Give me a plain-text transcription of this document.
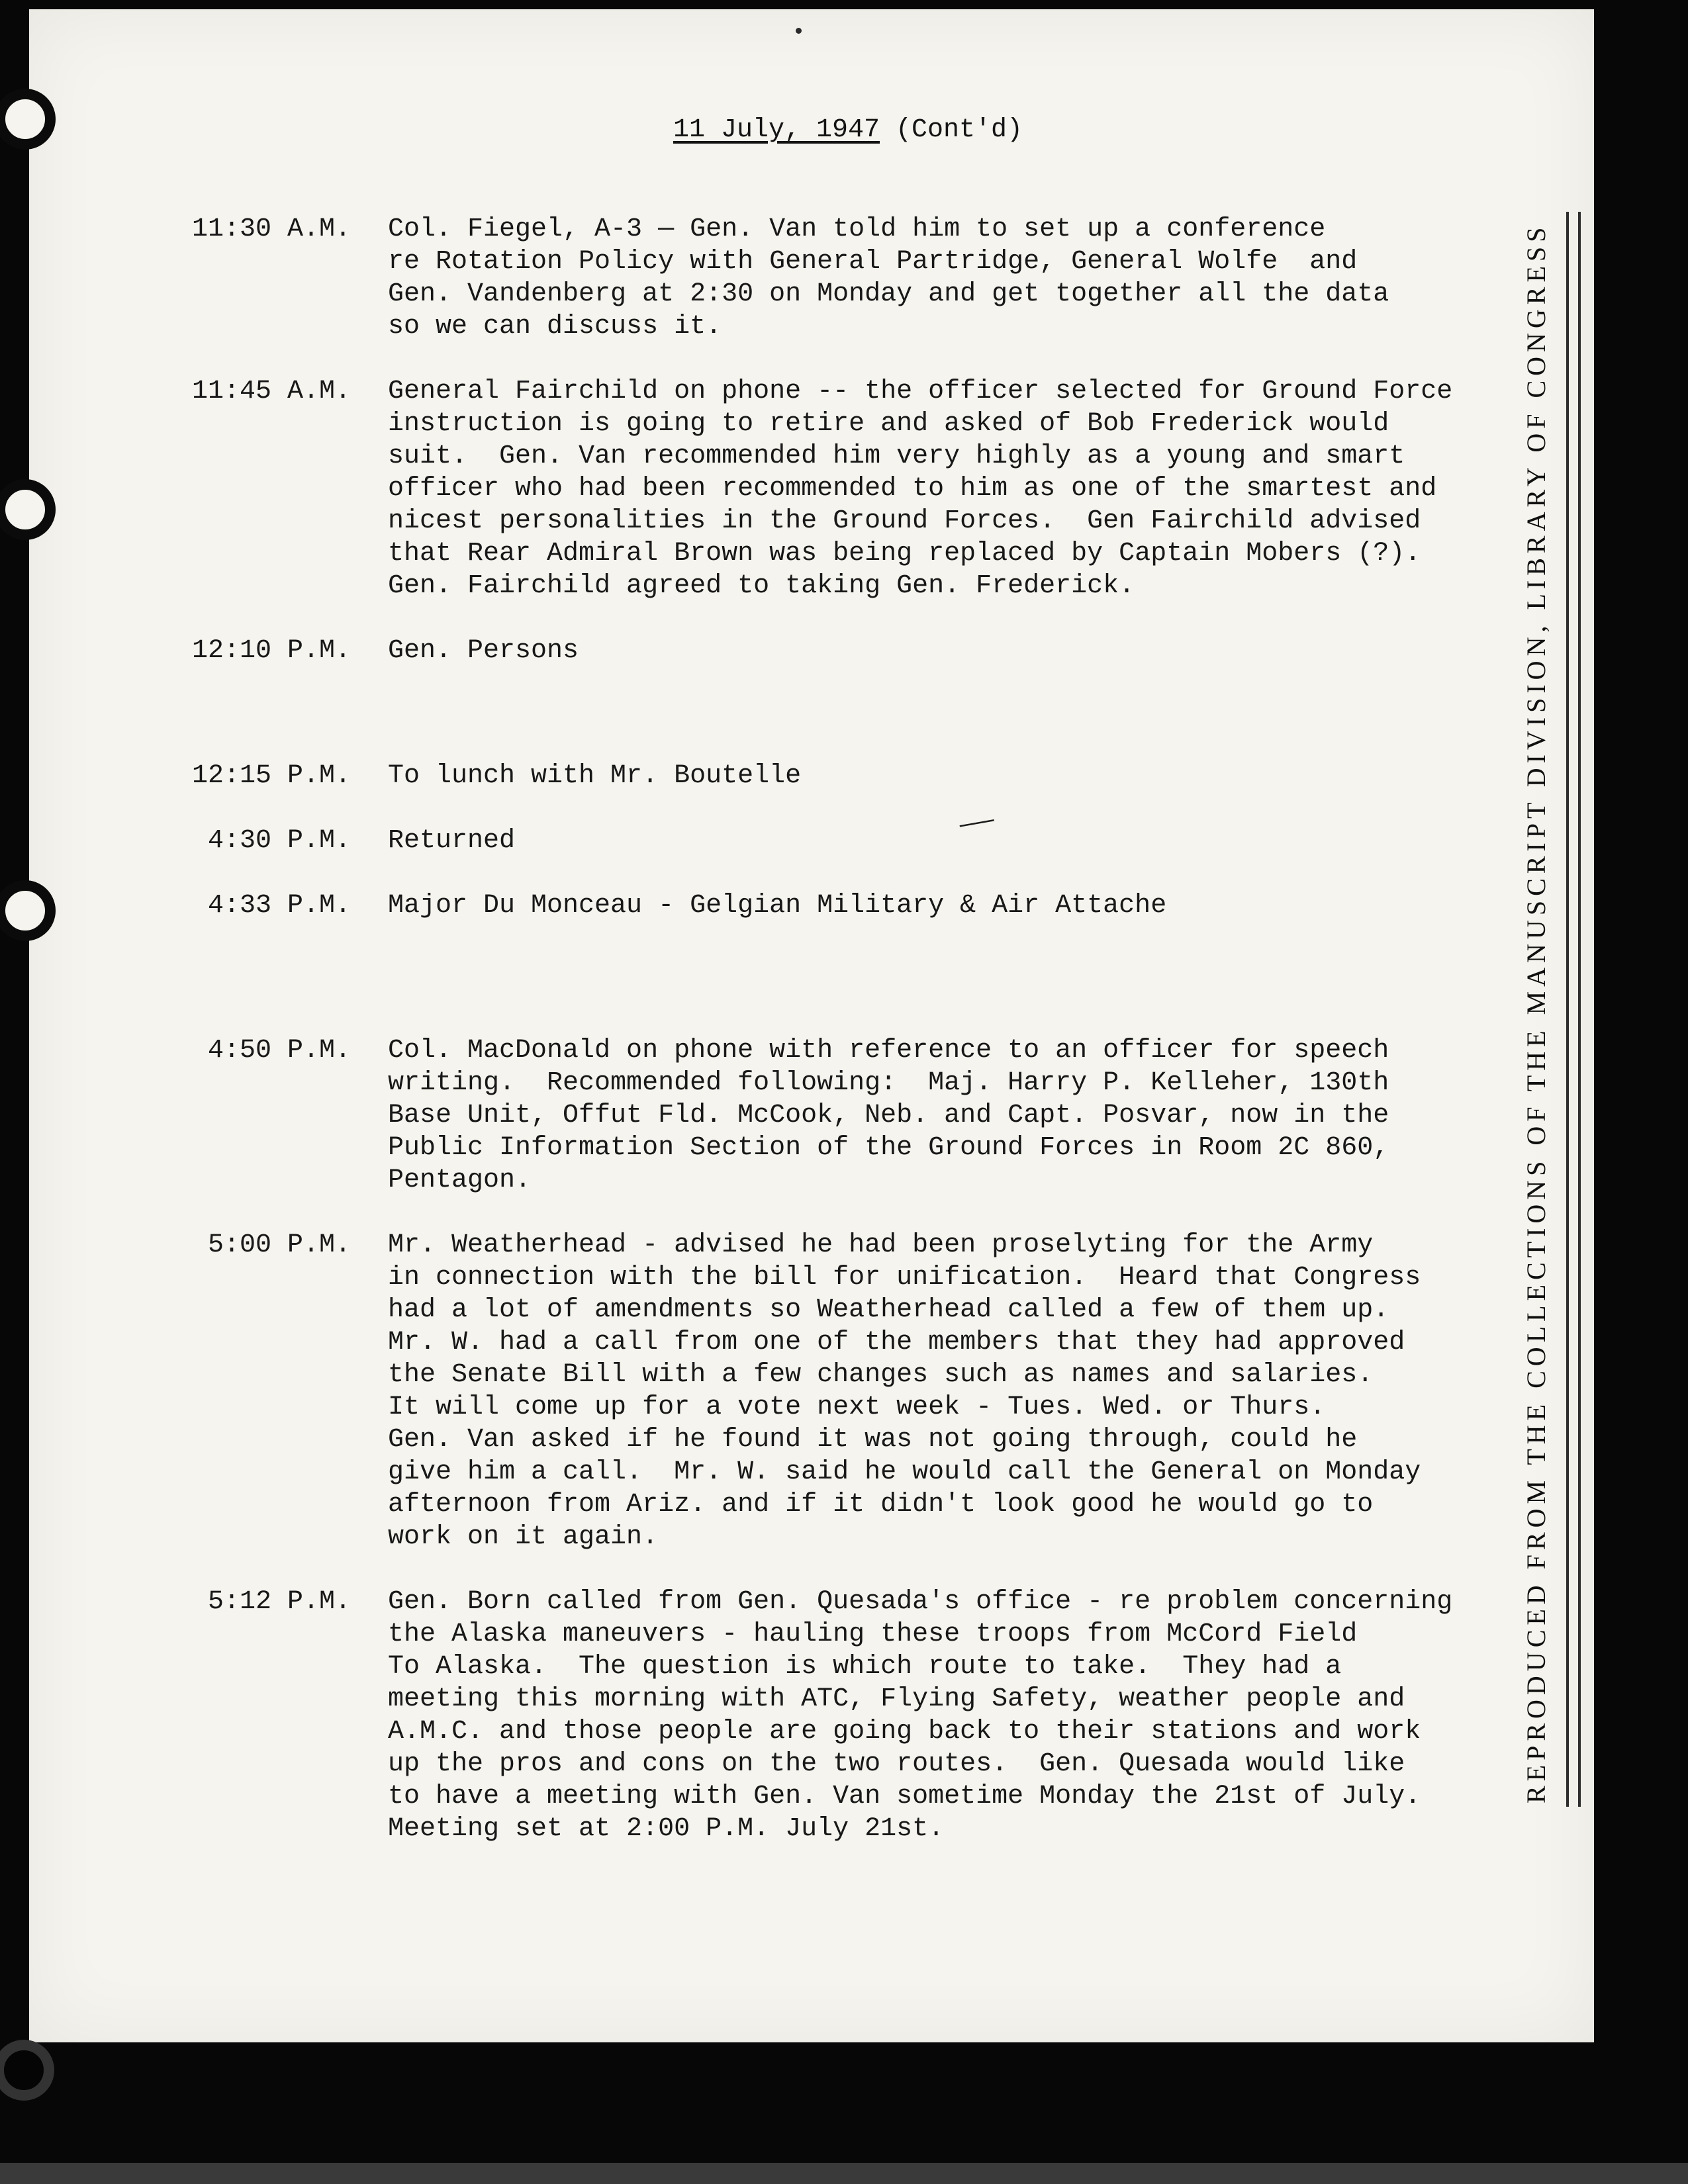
11 July, 1947 (Cont'd)
11:30 A.M.	Col. Fiegel, A-3 — Gen. Van told him to set up a conference
re Rotation Policy with General Partridge, General Wolfe  and
Gen. Vandenberg at 2:30 on Monday and get together all the data
so we can discuss it.
11:45 A.M.	General Fairchild on phone -- the officer selected for Ground Force
instruction is going to retire and asked of Bob Frederick would
suit.  Gen. Van recommended him very highly as a young and smart
officer who had been recommended to him as one of the smartest and
nicest personalities in the Ground Forces.  Gen Fairchild advised
that Rear Admiral Brown was being replaced by Captain Mobers (?).
Gen. Fairchild agreed to taking Gen. Frederick.
12:10 P.M.	Gen. Persons
12:15 P.M.	To lunch with Mr. Boutelle
4:30 P.M.	Returned
4:33 P.M.	Major Du Monceau - Gelgian Military & Air Attache
4:50 P.M.	Col. MacDonald on phone with reference to an officer for speech
writing.  Recommended following:  Maj. Harry P. Kelleher, 130th
Base Unit, Offut Fld. McCook, Neb. and Capt. Posvar, now in the
Public Information Section of the Ground Forces in Room 2C 860,
Pentagon.
5:00 P.M.	Mr. Weatherhead - advised he had been proselyting for the Army
in connection with the bill for unification.  Heard that Congress
had a lot of amendments so Weatherhead called a few of them up.
Mr. W. had a call from one of the members that they had approved
the Senate Bill with a few changes such as names and salaries.
It will come up for a vote next week - Tues. Wed. or Thurs.
Gen. Van asked if he found it was not going through, could he
give him a call.  Mr. W. said he would call the General on Monday
afternoon from Ariz. and if it didn't look good he would go to
work on it again.
5:12 P.M.	Gen. Born called from Gen. Quesada's office - re problem concerning
the Alaska maneuvers - hauling these troops from McCord Field
To Alaska.  The question is which route to take.  They had a
meeting this morning with ATC, Flying Safety, weather people and
A.M.C. and those people are going back to their stations and work
up the pros and cons on the two routes.  Gen. Quesada would like
to have a meeting with Gen. Van sometime Monday the 21st of July.
Meeting set at 2:00 P.M. July 21st.
—	REPRODUCED FROM THE COLLECTIONS OF THE MANUSCRIPT DIVISION, LIBRARY OF CONGRESS
